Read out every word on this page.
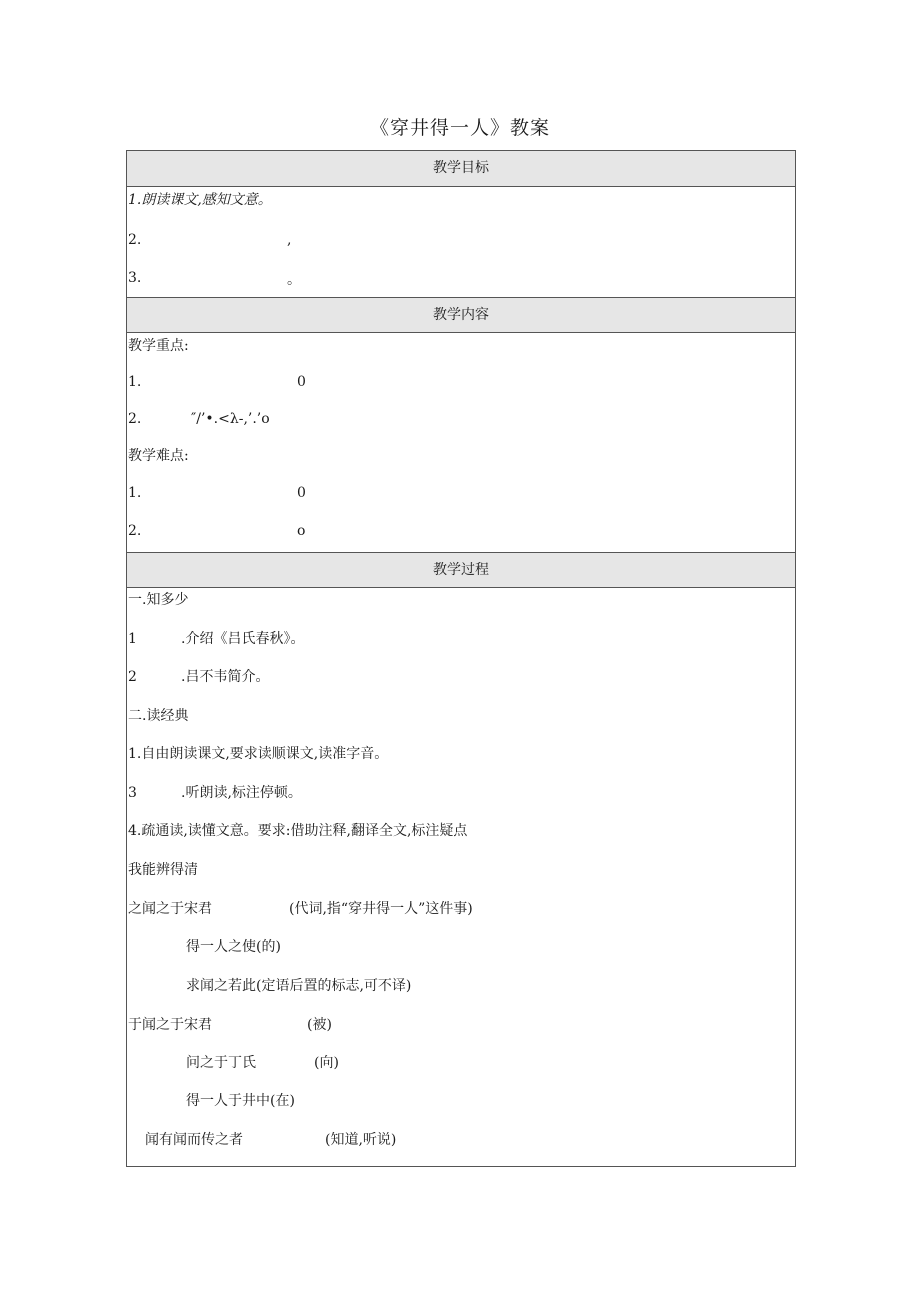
《穿井得一人》教案
教学目标
1.朗读课文,感知文意。
2.	,
3.	。
教学内容
教学重点:
1.	0
2.	″/’•.<λ-,’.’o
教学难点:
1.	0
2.	o
教学过程
一.知多少
1	.介绍《吕氏春秋》。
2	.吕不韦简介。
二.读经典
1.自由朗读课文,要求读顺课文,读准字音。
3	.听朗读,标注停顿。
4.疏通读,读懂文意。要求:借助注释,翻译全文,标注疑点
我能辨得清
之闻之于宋君	(代词,指“穿井得一人”这件事)
得一人之使(的)
求闻之若此(定语后置的标志,可不译)
于闻之于宋君	(被)
问之于丁氏	(向)
得一人于井中(在)
闻有闻而传之者	(知道,听说)
